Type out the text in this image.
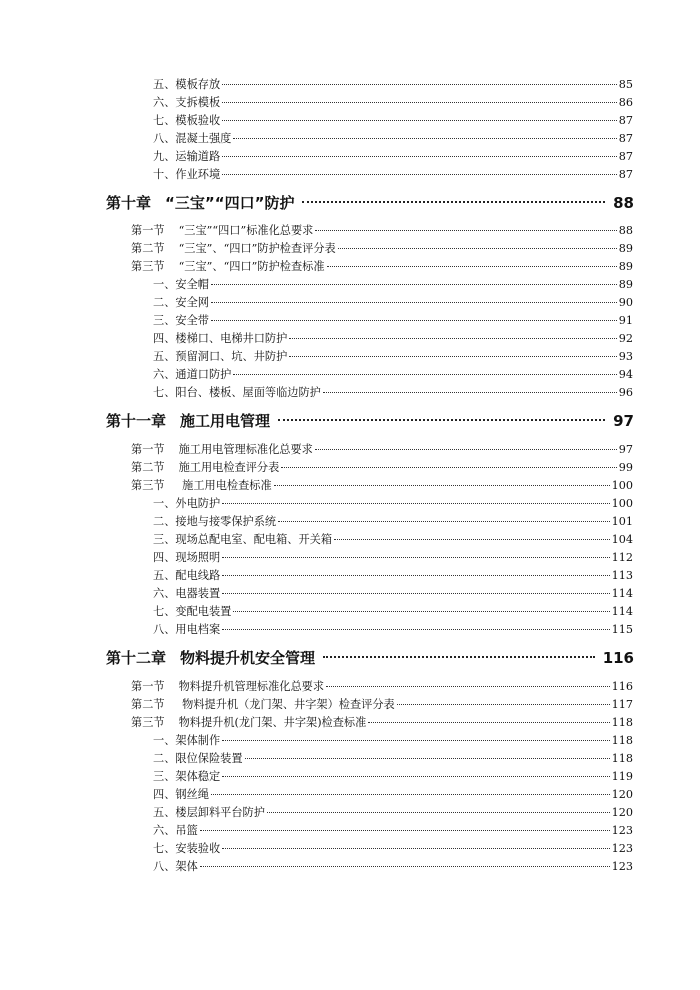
五、模板存放	85
六、支拆模板	86
七、模板验收	87
八、混凝土强度	87
九、运输道路	87
十、作业环境	87
第十章 “三宝”“四口”防护	88
第一节 “三宝”“四口”标准化总要求	88
第二节 “三宝”、“四口”防护检查评分表	89
第三节 “三宝”、“四口”防护检查标准	89
一、安全帽	89
二、安全网	90
三、安全带	91
四、楼梯口、电梯井口防护	92
五、预留洞口、坑、井防护	93
六、通道口防护	94
七、阳台、楼板、屋面等临边防护	96
第十一章 施工用电管理	97
第一节 施工用电管理标准化总要求	97
第二节 施工用电检查评分表	99
第三节 施工用电检查标准	100
一、外电防护	100
二、接地与接零保护系统	101
三、现场总配电室、配电箱、开关箱	104
四、现场照明	112
五、配电线路	113
六、电器装置	114
七、变配电装置	114
八、用电档案	115
第十二章 物料提升机安全管理	116
第一节 物料提升机管理标准化总要求	116
第二节 物料提升机（龙门架、井字架）检查评分表	117
第三节 物料提升机(龙门架、井字架)检查标准	118
一、架体制作	118
二、限位保险装置	118
三、架体稳定	119
四、钢丝绳	120
五、楼层卸料平台防护	120
六、吊篮	123
七、安装验收	123
八、架体	123
